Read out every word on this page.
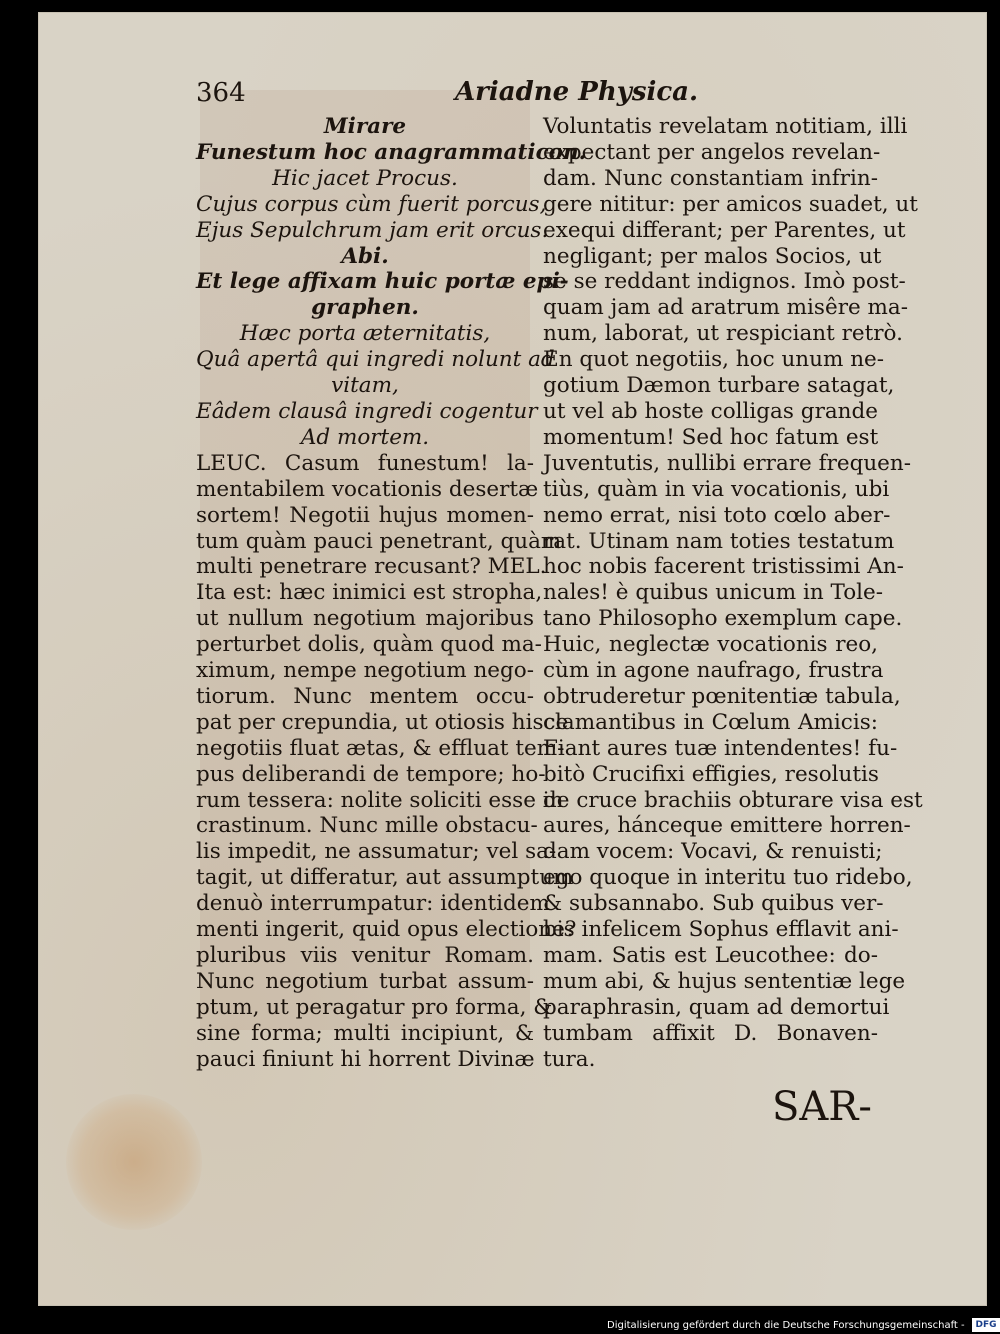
364	Ariadne Physica.
Mirare
Funestum hoc anagrammaticon.
Hic jacet Procus.
Cujus corpus cùm fuerit porcus,
Ejus Sepulchrum jam erit orcus.
Abi.
Et lege affixam huic portæ epi-
graphen.
Hæc porta æternitatis,
Quâ apertâ qui ingredi nolunt ad
vitam,
Eâdem clausâ ingredi cogentur
Ad mortem.
LEUC. Casum funestum! la-
mentabilem vocationis desertæ
sortem! Negotii hujus momen-
tum quàm pauci penetrant, quàm
multi penetrare recusant? MEL.
Ita est: hæc inimici est stropha,
ut nullum negotium majoribus
perturbet dolis, quàm quod ma-
ximum, nempe negotium nego-
tiorum. Nunc mentem occu-
pat per crepundia, ut otiosis hisce
negotiis fluat ætas, & effluat tem-
pus deliberandi de tempore; ho-
rum tessera: nolite soliciti esse in
crastinum. Nunc mille obstacu-
lis impedit, ne assumatur; vel sa-
tagit, ut differatur, aut assumptum
denuò interrumpatur: identidem
menti ingerit, quid opus electione?
pluribus viis venitur Romam.
Nunc negotium turbat assum-
ptum, ut peragatur pro forma, &
sine forma; multi incipiunt, &
pauci finiunt hi horrent Divinæ
Voluntatis revelatam notitiam, illi
expectant per angelos revelan-
dam. Nunc constantiam infrin-
gere nititur: per amicos suadet, ut
exequi differant; per Parentes, ut
negligant; per malos Socios, ut
se se reddant indignos. Imò post-
quam jam ad aratrum misêre ma-
num, laborat, ut respiciant retrò.
En quot negotiis, hoc unum ne-
gotium Dæmon turbare satagat,
ut vel ab hoste colligas grande
momentum! Sed hoc fatum est
Juventutis, nullibi errare frequen-
tiùs, quàm in via vocationis, ubi
nemo errat, nisi toto cœlo aber-
rat. Utinam nam toties testatum
hoc nobis facerent tristissimi An-
nales! è quibus unicum in Tole-
tano Philosopho exemplum cape.
Huic, neglectæ vocationis reo,
cùm in agone naufrago, frustra
obtruderetur pœnitentiæ tabula,
clamantibus in Cœlum Amicis:
Fiant aures tuæ intendentes! fu-
bitò Crucifixi effigies, resolutis
de cruce brachiis obturare visa est
aures, hánceque emittere horren-
dam vocem: Vocavi, & renuisti;
ego quoque in interitu tuo ridebo,
& subsannabo. Sub quibus ver-
bis infelicem Sophus efflavit ani-
mam. Satis est Leucothee: do-
mum abi, & hujus sententiæ lege
paraphrasin, quam ad demortui
tumbam affixit D. Bonaven-
tura.
SAR-
Digitalisierung gefördert durch die Deutsche Forschungsgemeinschaft -	DFG
